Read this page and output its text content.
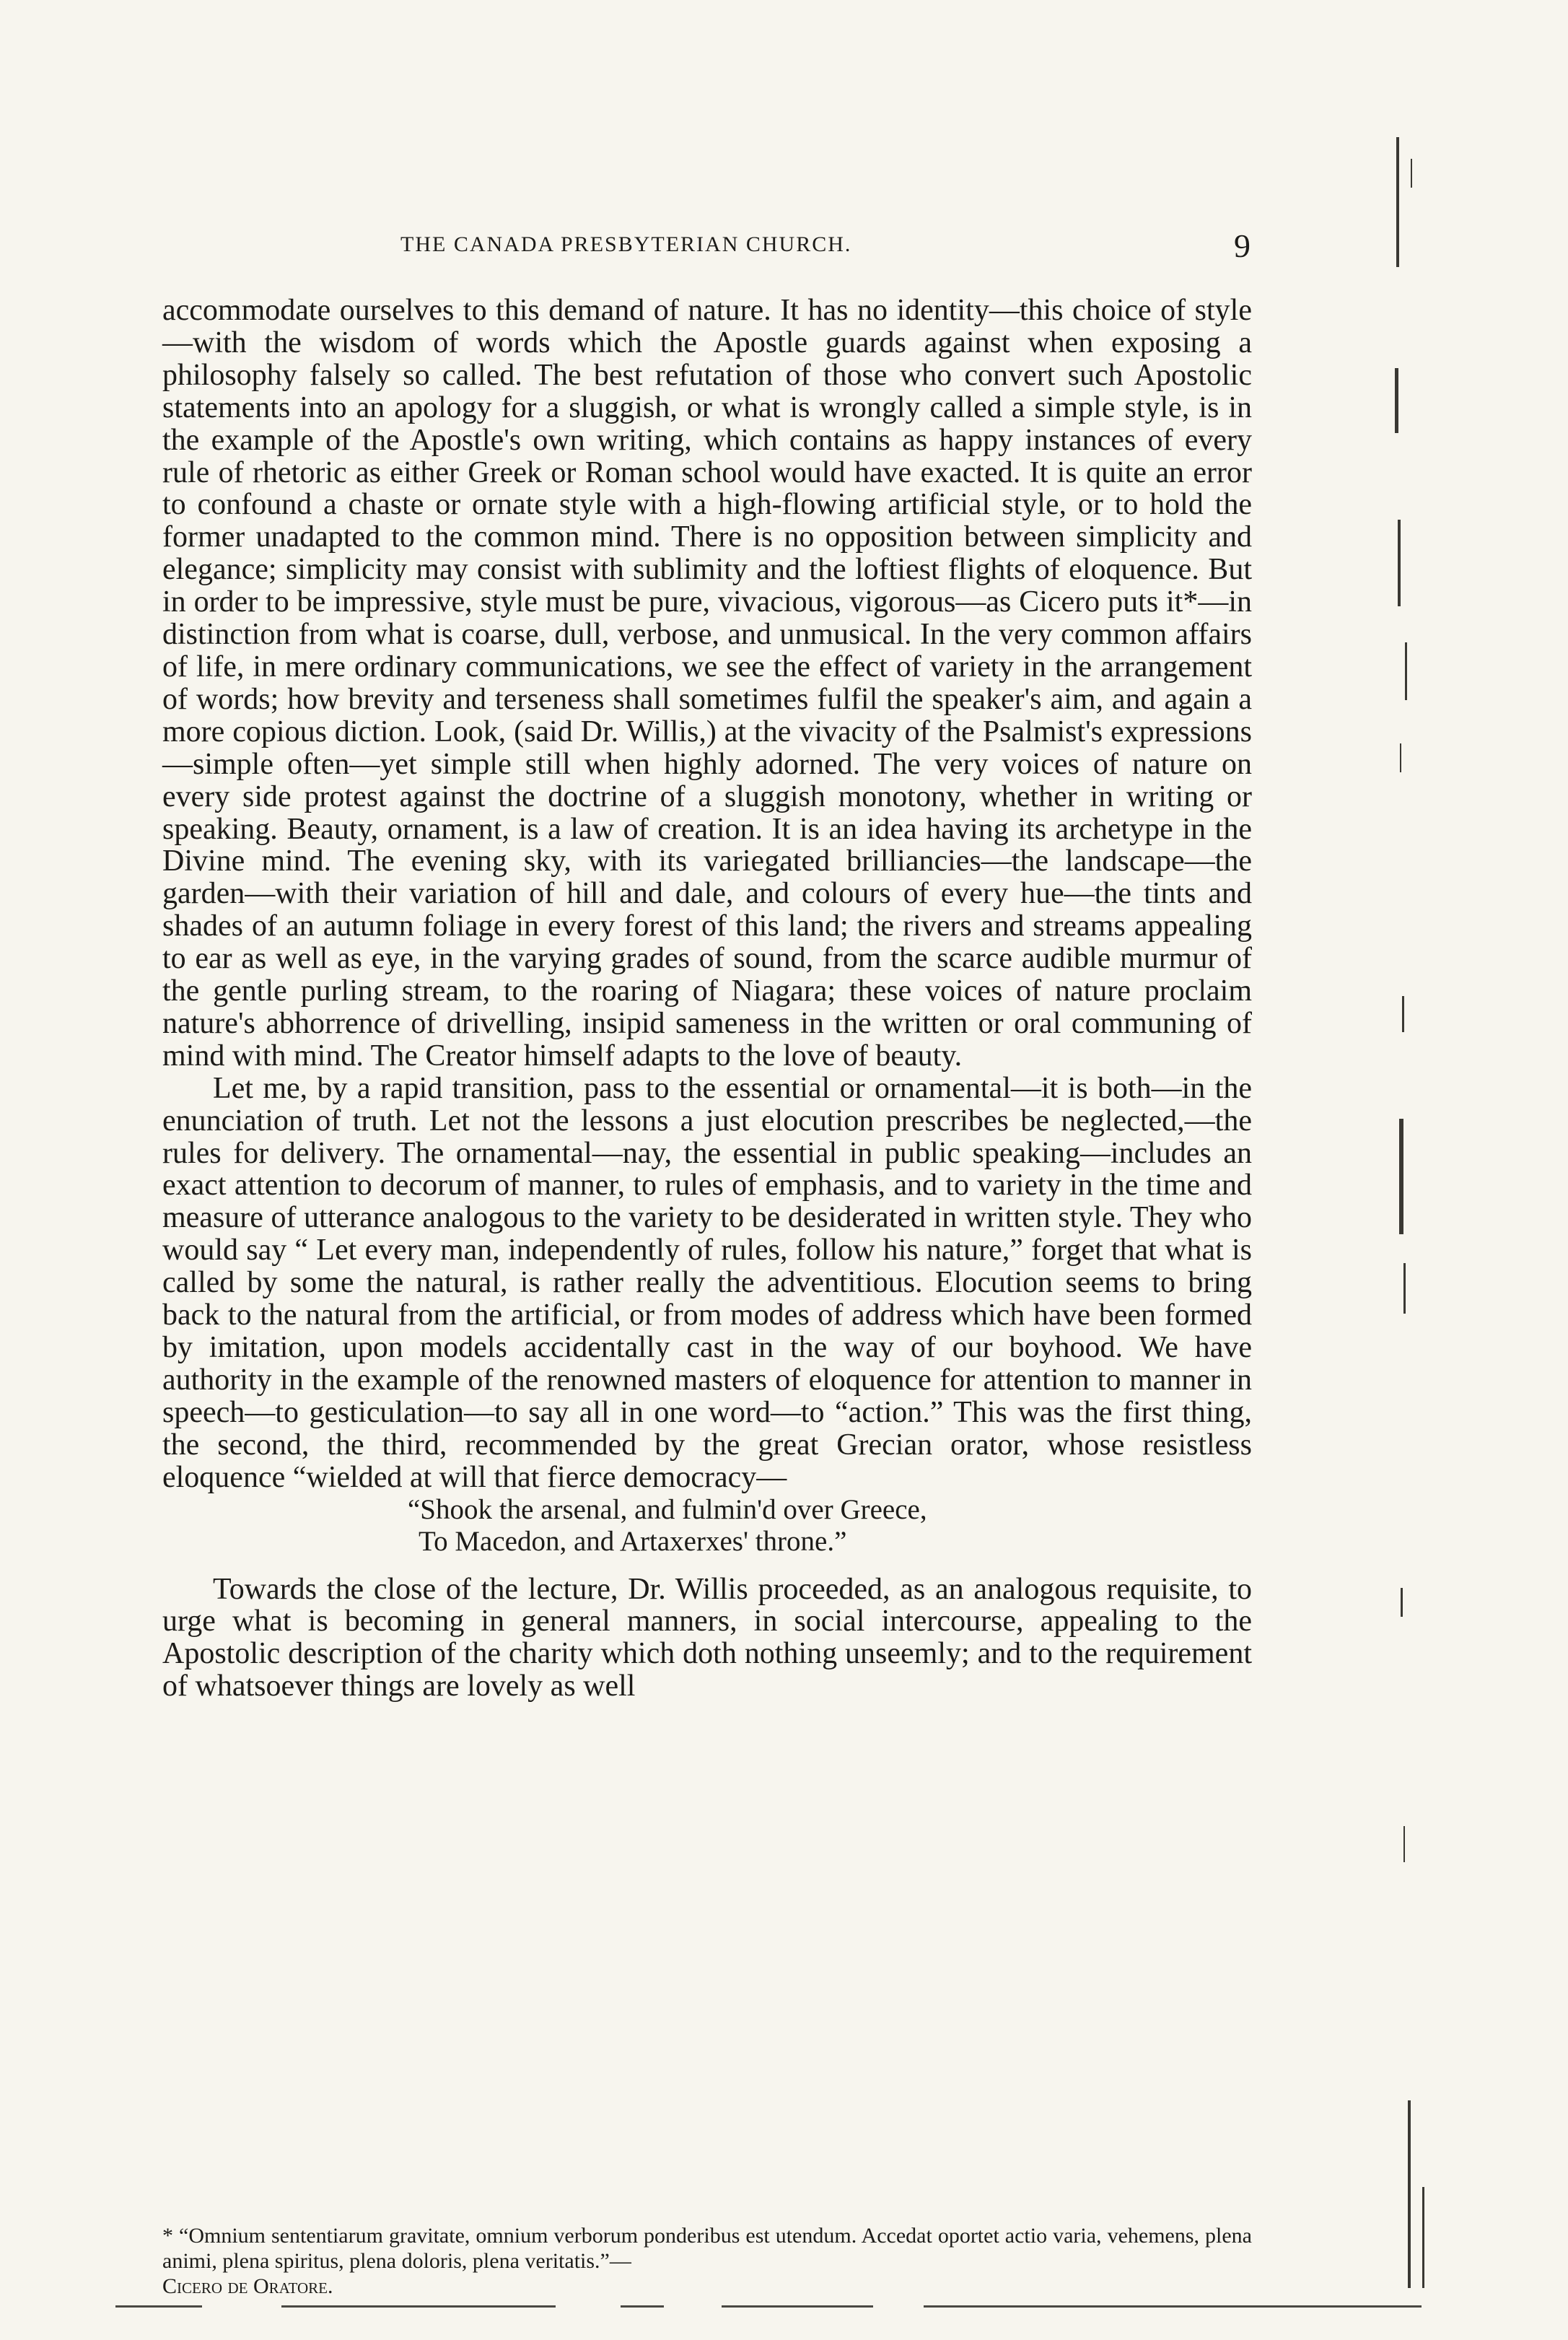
THE CANADA PRESBYTERIAN CHURCH.	9

accommodate ourselves to this demand of nature. It has no identity—this choice of style—with the wisdom of words which the Apostle guards against when exposing a philosophy falsely so called. The best refutation of those who convert such Apostolic statements into an apology for a sluggish, or what is wrongly called a simple style, is in the example of the Apostle's own writing, which contains as happy instances of every rule of rhetoric as either Greek or Roman school would have exacted. It is quite an error to confound a chaste or ornate style with a high-flowing artificial style, or to hold the former unadapted to the common mind. There is no opposition between simplicity and elegance; simplicity may consist with sublimity and the loftiest flights of eloquence. But in order to be impressive, style must be pure, vivacious, vigorous—as Cicero puts it*—in distinction from what is coarse, dull, verbose, and unmusical. In the very common affairs of life, in mere ordinary communications, we see the effect of variety in the arrangement of words; how brevity and terseness shall sometimes fulfil the speaker's aim, and again a more copious diction. Look, (said Dr. Willis,) at the vivacity of the Psalmist's expressions—simple often—yet simple still when highly adorned. The very voices of nature on every side protest against the doctrine of a sluggish monotony, whether in writing or speaking. Beauty, ornament, is a law of creation. It is an idea having its archetype in the Divine mind. The evening sky, with its variegated brilliancies—the landscape—the garden—with their variation of hill and dale, and colours of every hue—the tints and shades of an autumn foliage in every forest of this land; the rivers and streams appealing to ear as well as eye, in the varying grades of sound, from the scarce audible murmur of the gentle purling stream, to the roaring of Niagara; these voices of nature proclaim nature's abhorrence of drivelling, insipid sameness in the written or oral communing of mind with mind. The Creator himself adapts to the love of beauty.

Let me, by a rapid transition, pass to the essential or ornamental—it is both—in the enunciation of truth. Let not the lessons a just elocution prescribes be neglected,—the rules for delivery. The ornamental—nay, the essential in public speaking—includes an exact attention to decorum of manner, to rules of emphasis, and to variety in the time and measure of utterance analogous to the variety to be desiderated in written style. They who would say “ Let every man, independently of rules, follow his nature,” forget that what is called by some the natural, is rather really the adventitious. Elocution seems to bring back to the natural from the artificial, or from modes of address which have been formed by imitation, upon models accidentally cast in the way of our boyhood. We have authority in the example of the renowned masters of eloquence for attention to manner in speech—to gesticulation—to say all in one word—to “action.” This was the first thing, the second, the third, recommended by the great Grecian orator, whose resistless eloquence “wielded at will that fierce democracy—

“Shook the arsenal, and fulmin'd over Greece,

To Macedon, and Artaxerxes' throne.”

Towards the close of the lecture, Dr. Willis proceeded, as an analogous requisite, to urge what is becoming in general manners, in social intercourse, appealing to the Apostolic description of the charity which doth nothing unseemly; and to the requirement of whatsoever things are lovely as well

* “Omnium sententiarum gravitate, omnium verborum ponderibus est utendum. Accedat oportet actio varia, vehemens, plena animi, plena spiritus, plena doloris, plena veritatis.”—
Cicero de Oratore.
